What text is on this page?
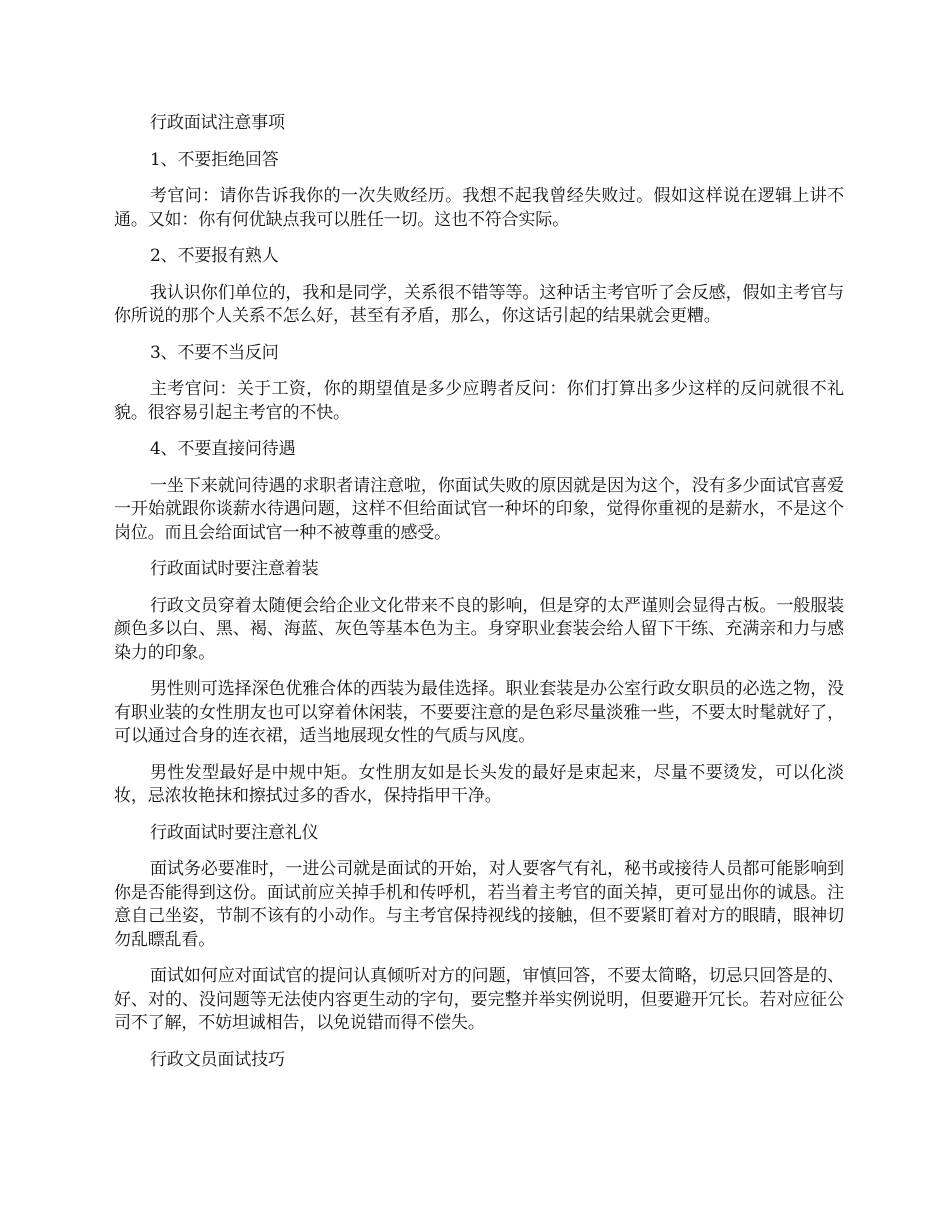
行政面试注意事项

1、不要拒绝回答

考官问：请你告诉我你的一次失败经历。我想不起我曾经失败过。假如这样说在逻辑上讲不通。又如：你有何优缺点我可以胜任一切。这也不符合实际。

2、不要报有熟人

我认识你们单位的，我和是同学，关系很不错等等。这种话主考官听了会反感，假如主考官与你所说的那个人关系不怎么好，甚至有矛盾，那么，你这话引起的结果就会更糟。

3、不要不当反问

主考官问：关于工资，你的期望值是多少应聘者反问：你们打算出多少这样的反问就很不礼貌。很容易引起主考官的不快。

4、不要直接问待遇

一坐下来就问待遇的求职者请注意啦，你面试失败的原因就是因为这个，没有多少面试官喜爱一开始就跟你谈薪水待遇问题，这样不但给面试官一种坏的印象，觉得你重视的是薪水，不是这个岗位。而且会给面试官一种不被尊重的感受。

行政面试时要注意着装

行政文员穿着太随便会给企业文化带来不良的影响，但是穿的太严谨则会显得古板。一般服装颜色多以白、黑、褐、海蓝、灰色等基本色为主。身穿职业套装会给人留下干练、充满亲和力与感染力的印象。

男性则可选择深色优雅合体的西装为最佳选择。职业套装是办公室行政女职员的必选之物，没有职业装的女性朋友也可以穿着休闲装，不要要注意的是色彩尽量淡雅一些，不要太时髦就好了，可以通过合身的连衣裙，适当地展现女性的气质与风度。

男性发型最好是中规中矩。女性朋友如是长头发的最好是束起来，尽量不要烫发，可以化淡妆，忌浓妆艳抹和擦拭过多的香水，保持指甲干净。

行政面试时要注意礼仪

面试务必要准时，一进公司就是面试的开始，对人要客气有礼，秘书或接待人员都可能影响到你是否能得到这份。面试前应关掉手机和传呼机，若当着主考官的面关掉，更可显出你的诚恳。注意自己坐姿，节制不该有的小动作。与主考官保持视线的接触，但不要紧盯着对方的眼睛，眼神切勿乱瞟乱看。

面试如何应对面试官的提问认真倾听对方的问题，审慎回答，不要太简略，切忌只回答是的、好、对的、没问题等无法使内容更生动的字句，要完整并举实例说明，但要避开冗长。若对应征公司不了解，不妨坦诚相告，以免说错而得不偿失。

行政文员面试技巧
